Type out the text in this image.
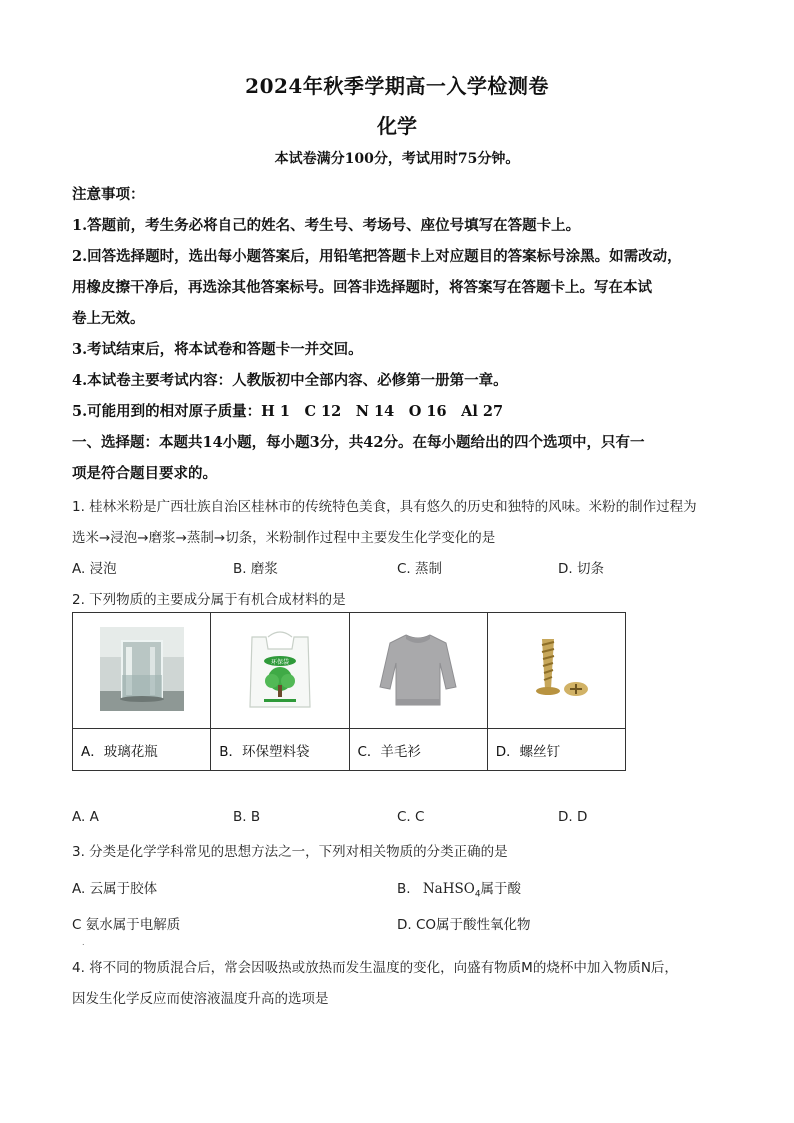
2024年秋季学期高一入学检测卷
化学
本试卷满分100分，考试用时75分钟。
注意事项：
1.答题前，考生务必将自己的姓名、考生号、考场号、座位号填写在答题卡上。
2.回答选择题时，选出每小题答案后，用铅笔把答题卡上对应题目的答案标号涂黑。如需改动，
用橡皮擦干净后，再选涂其他答案标号。回答非选择题时，将答案写在答题卡上。写在本试
卷上无效。
3.考试结束后，将本试卷和答题卡一并交回。
4.本试卷主要考试内容：人教版初中全部内容、必修第一册第一章。
5.可能用到的相对原子质量：H 1　C 12　N 14　O 16　Al 27
一、选择题：本题共14小题，每小题3分，共42分。在每小题给出的四个选项中，只有一
项是符合题目要求的。
1. 桂林米粉是广西壮族自治区桂林市的传统特色美食，具有悠久的历史和独特的风味。米粉的制作过程为
选米→浸泡→磨浆→蒸制→切条，米粉制作过程中主要发生化学变化的是
A. 浸泡	B. 磨浆	C. 蒸制	D. 切条
2. 下列物质的主要成分属于有机合成材料的是

环保袋

A．玻璃花瓶	B．环保塑料袋	C．羊毛衫	D．螺丝钉
A. A	B. B	C. C	D. D
3. 分类是化学学科常见的思想方法之一，下列对相关物质的分类正确的是
A. 云属于胶体	B. NaHSO$_4$属于酸
C 氨水属于电解质	D. CO属于酸性氧化物
.
4. 将不同的物质混合后，常会因吸热或放热而发生温度的变化，向盛有物质M的烧杯中加入物质N后，
因发生化学反应而使溶液温度升高的选项是
